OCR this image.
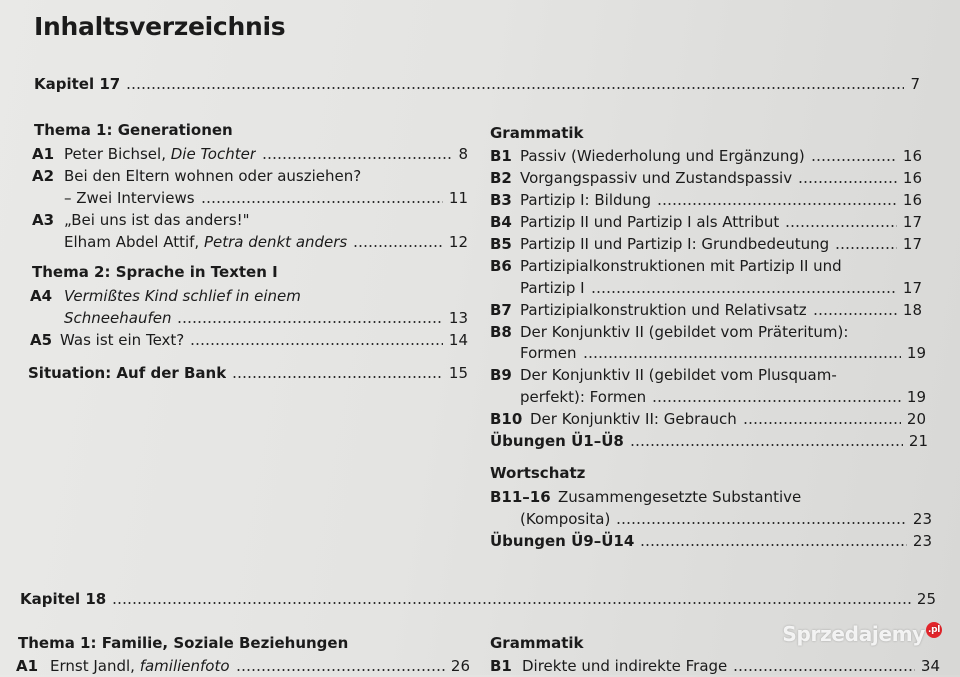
Inhaltsverzeichnis
Kapitel 17	7
Thema 1: Generationen
A1 Peter Bichsel, Die Tochter	8
A2 Bei den Eltern wohnen oder ausziehen?
– Zwei Interviews	11
A3 „Bei uns ist das anders!"
Elham Abdel Attif, Petra denkt anders	12
Thema 2: Sprache in Texten I
A4 Vermißtes Kind schlief in einem
Schneehaufen	13
A5 Was ist ein Text?	14
Situation: Auf der Bank	15
Grammatik
B1 Passiv (Wiederholung und Ergänzung)	16
B2 Vorgangspassiv und Zustandspassiv	16
B3 Partizip I: Bildung	16
B4 Partizip II und Partizip I als Attribut	17
B5 Partizip II und Partizip I: Grundbedeutung	17
B6 Partizipialkonstruktionen mit Partizip II und
Partizip I	17
B7 Partizipialkonstruktion und Relativsatz	18
B8 Der Konjunktiv II (gebildet vom Präteritum):
Formen	19
B9 Der Konjunktiv II (gebildet vom Plusquam-
perfekt): Formen	19
B10 Der Konjunktiv II: Gebrauch	20
Übungen Ü1–Ü8	21
Wortschatz
B11–16 Zusammengesetzte Substantive
(Komposita)	23
Übungen Ü9–Ü14	23
Kapitel 18	25
Thema 1: Familie, Soziale Beziehungen
A1 Ernst Jandl, familienfoto	26
Grammatik
B1 Direkte und indirekte Frage	34
Sprzedajemy .pl
